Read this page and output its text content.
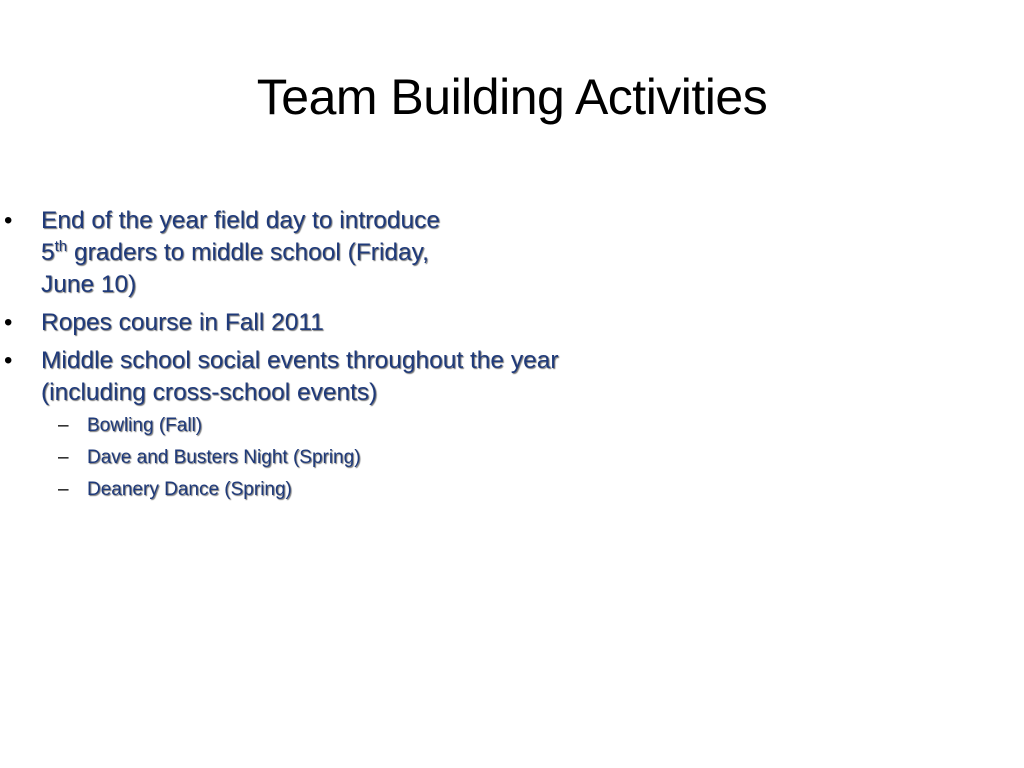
Team Building Activities
• End of the year field day to introduce
5th graders to middle school (Friday,
June 10)
• Ropes course in Fall 2011
• Middle school social events throughout the year (including cross-school events)
– Bowling (Fall)
– Dave and Busters Night (Spring)
– Deanery Dance (Spring)
